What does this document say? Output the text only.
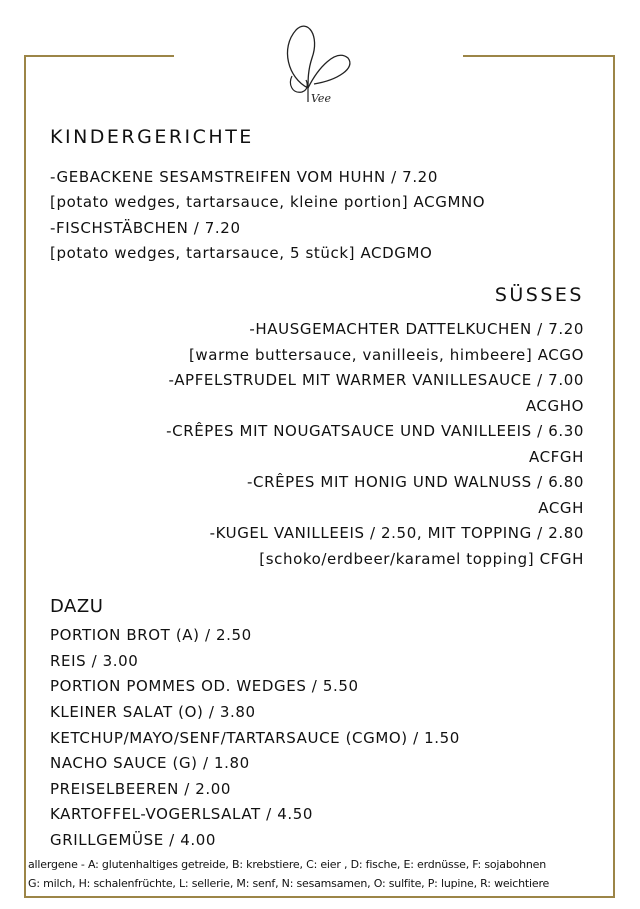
Vee
KINDERGERICHTE
-GEBACKENE SESAMSTREIFEN VOM HUHN / 7.20
[potato wedges, tartarsauce, kleine portion] ACGMNO
-FISCHSTÄBCHEN / 7.20
[potato wedges, tartarsauce, 5 stück] ACDGMO
SÜSSES
-HAUSGEMACHTER DATTELKUCHEN / 7.20
[warme buttersauce, vanilleeis, himbeere] ACGO
-APFELSTRUDEL MIT WARMER VANILLESAUCE / 7.00
ACGHO
-CRÊPES MIT NOUGATSAUCE UND VANILLEEIS / 6.30
ACFGH
-CRÊPES MIT HONIG UND WALNUSS / 6.80
ACGH
-KUGEL VANILLEEIS / 2.50, MIT TOPPING / 2.80
[schoko/erdbeer/karamel topping] CFGH
DAZU
PORTION BROT (A) / 2.50
REIS / 3.00
PORTION POMMES OD. WEDGES / 5.50
KLEINER SALAT (O) / 3.80
KETCHUP/MAYO/SENF/TARTARSAUCE (CGMO) / 1.50
NACHO SAUCE (G) / 1.80
PREISELBEEREN / 2.00
KARTOFFEL-VOGERLSALAT / 4.50
GRILLGEMÜSE / 4.00
allergene - A: glutenhaltiges getreide, B: krebstiere, C: eier , D: fische, E: erdnüsse, F: sojabohnen
G: milch, H: schalenfrüchte, L: sellerie, M: senf, N: sesamsamen, O: sulfite, P: lupine, R: weichtiere
